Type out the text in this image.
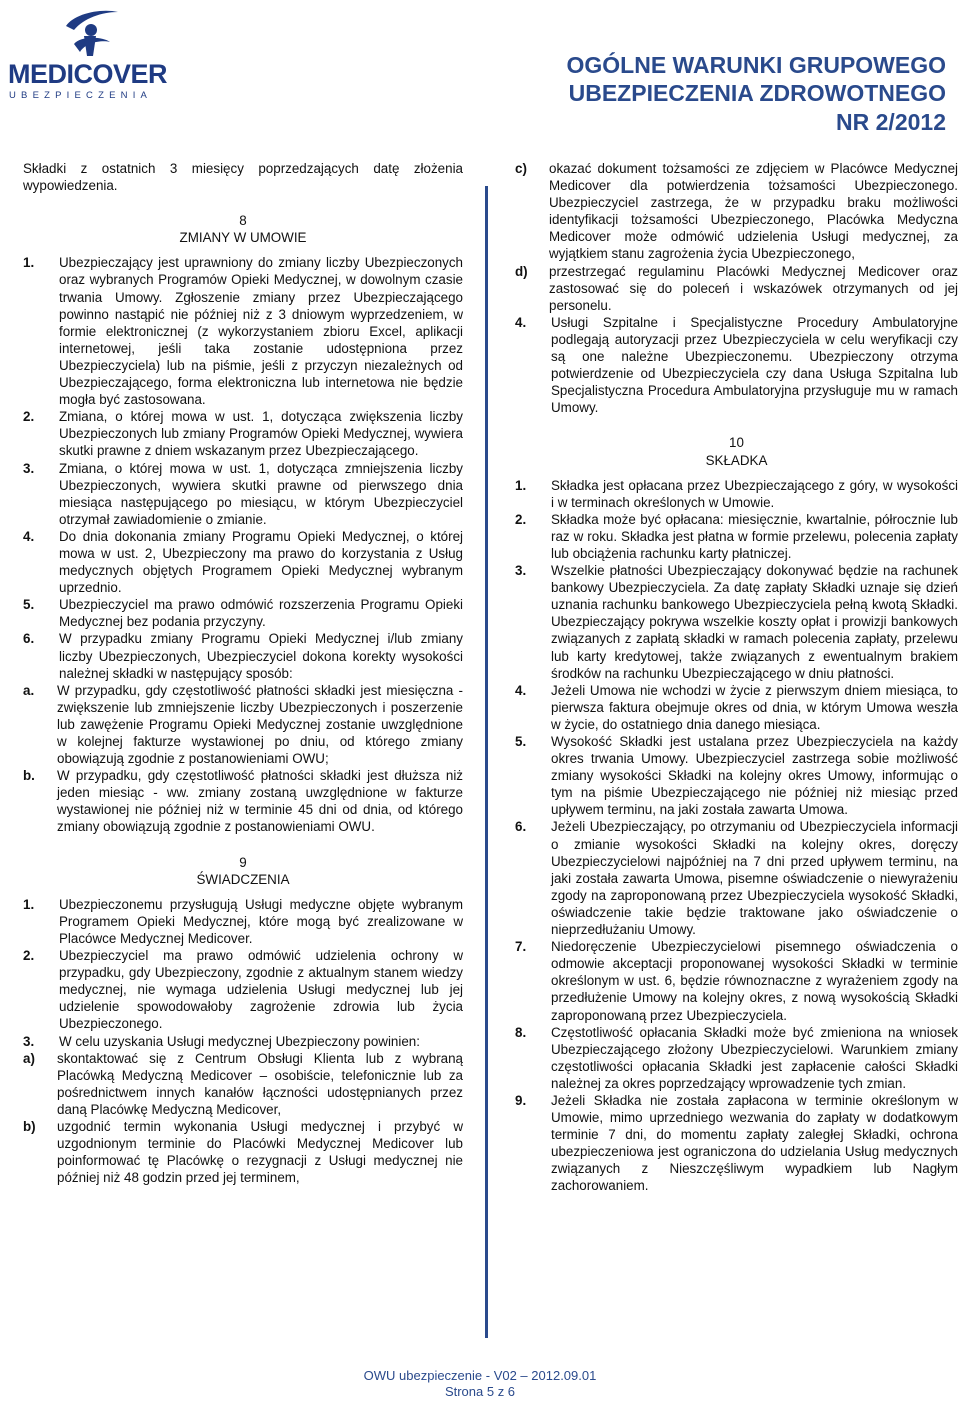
MEDICOVER
UBEZPIECZENIA
OGÓLNE WARUNKI GRUPOWEGO
UBEZPIECZENIA ZDROWOTNEGO
NR 2/2012

Składki z ostatnich 3 miesięcy poprzedzających datę złożenia wypowiedzenia.

8
ZMIANY W UMOWIE
1.	Ubezpieczający jest uprawniony do zmiany liczby Ubezpieczonych oraz wybranych Programów Opieki Medycznej, w dowolnym czasie trwania Umowy. Zgłoszenie zmiany przez Ubezpieczającego powinno nastąpić nie później niż z 3 dniowym wyprzedzeniem, w formie elektronicznej (z wykorzystaniem zbioru Excel, aplikacji internetowej, jeśli taka zostanie udostępniona przez Ubezpieczyciela) lub na piśmie, jeśli z przyczyn niezależnych od Ubezpieczającego, forma elektroniczna lub internetowa nie będzie mogła być zastosowana.
2.	Zmiana, o której mowa w ust. 1, dotycząca zwiększenia liczby Ubezpieczonych lub zmiany Programów Opieki Medycznej, wywiera skutki prawne z dniem wskazanym przez Ubezpieczającego.
3.	Zmiana, o której mowa w ust. 1, dotycząca zmniejszenia liczby Ubezpieczonych, wywiera skutki prawne od pierwszego dnia miesiąca następującego po miesiącu, w którym Ubezpieczyciel otrzymał zawiadomienie o zmianie.
4.	Do dnia dokonania zmiany Programu Opieki Medycznej, o której mowa w ust. 2, Ubezpieczony ma prawo do korzystania z Usług medycznych objętych Programem Opieki Medycznej wybranym uprzednio.
5.	Ubezpieczyciel ma prawo odmówić rozszerzenia Programu Opieki Medycznej bez podania przyczyny.
6.	W przypadku zmiany Programu Opieki Medycznej i/lub zmiany liczby Ubezpieczonych, Ubezpieczyciel dokona korekty wysokości należnej składki w następujący sposób:
a.	W przypadku, gdy częstotliwość płatności składki jest miesięczna - zwiększenie lub zmniejszenie liczby Ubezpieczonych i poszerzenie lub zawężenie Programu Opieki Medycznej zostanie uwzględnione w kolejnej fakturze wystawionej po dniu, od którego zmiany obowiązują zgodnie z postanowieniami OWU;
b.	W przypadku, gdy częstotliwość płatności składki jest dłuższa niż jeden miesiąc - ww. zmiany zostaną uwzględnione w fakturze wystawionej nie później niż w terminie 45 dni od dnia, od którego zmiany obowiązują zgodnie z postanowieniami OWU.
9
ŚWIADCZENIA
1.	Ubezpieczonemu przysługują Usługi medyczne objęte wybranym Programem Opieki Medycznej, które mogą być zrealizowane w Placówce Medycznej Medicover.
2.	Ubezpieczyciel ma prawo odmówić udzielenia ochrony w przypadku, gdy Ubezpieczony, zgodnie z aktualnym stanem wiedzy medycznej, nie wymaga udzielenia Usługi medycznej lub jej udzielenie spowodowałoby zagrożenie zdrowia lub życia Ubezpieczonego.
3.	W celu uzyskania Usługi medycznej Ubezpieczony powinien:
a)	skontaktować się z Centrum Obsługi Klienta lub z wybraną Placówką Medyczną Medicover – osobiście, telefonicznie lub za pośrednictwem innych kanałów łączności udostępnianych przez daną Placówkę Medyczną Medicover,
b)	uzgodnić termin wykonania Usługi medycznej i przybyć w uzgodnionym terminie do Placówki Medycznej Medicover lub poinformować tę Placówkę o rezygnacji z Usługi medycznej nie później niż 48 godzin przed jej terminem,
c)	okazać dokument tożsamości ze zdjęciem w Placówce Medycznej Medicover dla potwierdzenia tożsamości Ubezpieczonego. Ubezpieczyciel zastrzega, że w przypadku braku możliwości identyfikacji tożsamości Ubezpieczonego, Placówka Medyczna Medicover może odmówić udzielenia Usługi medycznej, za wyjątkiem stanu zagrożenia życia Ubezpieczonego,
d)	przestrzegać regulaminu Placówki Medycznej Medicover oraz zastosować się do poleceń i wskazówek otrzymanych od jej personelu.
4.	Usługi Szpitalne i Specjalistyczne Procedury Ambulatoryjne podlegają autoryzacji przez Ubezpieczyciela w celu weryfikacji czy są one należne Ubezpieczonemu. Ubezpieczony otrzyma potwierdzenie od Ubezpieczyciela czy dana Usługa Szpitalna lub Specjalistyczna Procedura Ambulatoryjna przysługuje mu w ramach Umowy.
10
SKŁADKA
1.	Składka jest opłacana przez Ubezpieczającego z góry, w wysokości i w terminach określonych w Umowie.
2.	Składka może być opłacana: miesięcznie, kwartalnie, półrocznie lub raz w roku. Składka jest płatna w formie przelewu, polecenia zapłaty lub obciążenia rachunku karty płatniczej.
3.	Wszelkie płatności Ubezpieczający dokonywać będzie na rachunek bankowy Ubezpieczyciela. Za datę zapłaty Składki uznaje się dzień uznania rachunku bankowego Ubezpieczyciela pełną kwotą Składki. Ubezpieczający pokrywa wszelkie koszty opłat i prowizji bankowych związanych z zapłatą składki w ramach polecenia zapłaty, przelewu lub karty kredytowej, także związanych z ewentualnym brakiem środków na rachunku Ubezpieczającego w dniu płatności.
4.	Jeżeli Umowa nie wchodzi w życie z pierwszym dniem miesiąca, to pierwsza faktura obejmuje okres od dnia, w którym Umowa weszła w życie, do ostatniego dnia danego miesiąca.
5.	Wysokość Składki jest ustalana przez Ubezpieczyciela na każdy okres trwania Umowy. Ubezpieczyciel zastrzega sobie możliwość zmiany wysokości Składki na kolejny okres Umowy, informując o tym na piśmie Ubezpieczającego nie później niż miesiąc przed upływem terminu, na jaki została zawarta Umowa.
6.	Jeżeli Ubezpieczający, po otrzymaniu od Ubezpieczyciela informacji o zmianie wysokości Składki na kolejny okres, doręczy Ubezpieczycielowi najpóźniej na 7 dni przed upływem terminu, na jaki została zawarta Umowa, pisemne oświadczenie o niewyrażeniu zgody na zaproponowaną przez Ubezpieczyciela wysokość Składki, oświadczenie takie będzie traktowane jako oświadczenie o nieprzedłużaniu Umowy.
7.	Niedoręczenie Ubezpieczycielowi pisemnego oświadczenia o odmowie akceptacji proponowanej wysokości Składki w terminie określonym w ust. 6, będzie równoznaczne z wyrażeniem zgody na przedłużenie Umowy na kolejny okres, z nową wysokością Składki zaproponowaną przez Ubezpieczyciela.
8.	Częstotliwość opłacania Składki może być zmieniona na wniosek Ubezpieczającego złożony Ubezpieczycielowi. Warunkiem zmiany częstotliwości opłacania Składki jest zapłacenie całości Składki należnej za okres poprzedzający wprowadzenie tych zmian.
9.	Jeżeli Składka nie została zapłacona w terminie określonym w Umowie, mimo uprzedniego wezwania do zapłaty w dodatkowym terminie 7 dni, do momentu zapłaty zaległej Składki, ochrona ubezpieczeniowa jest ograniczona do udzielania Usług medycznych związanych z Nieszczęśliwym wypadkiem lub Nagłym zachorowaniem.
OWU ubezpieczenie - V02 – 2012.09.01
Strona 5 z 6
